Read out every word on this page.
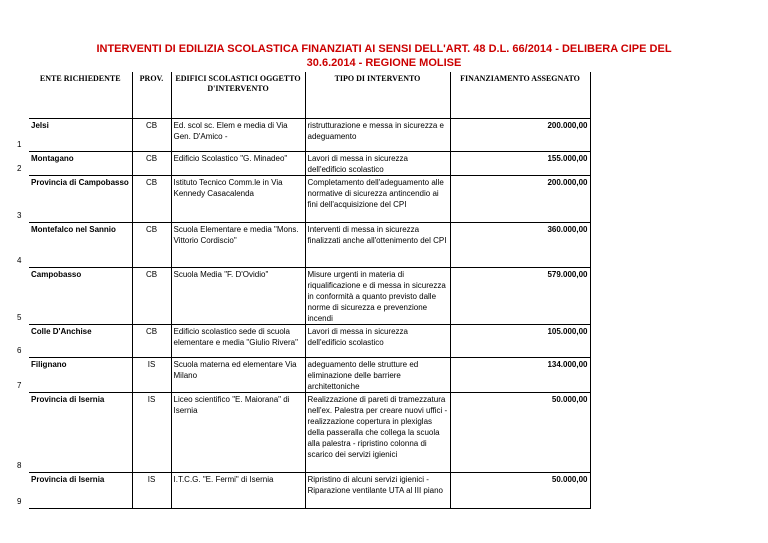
INTERVENTI DI EDILIZIA SCOLASTICA FINANZIATI AI SENSI DELL'ART. 48 D.L. 66/2014 - DELIBERA CIPE DEL
30.6.2014 - REGIONE MOLISE
	ENTE RICHIEDENTE	PROV.	EDIFICI SCOLASTICI OGGETTO D'INTERVENTO	TIPO DI INTERVENTO	FINANZIAMENTO ASSEGNATO
1	Jelsi	CB	Ed. scol sc. Elem e media di Via Gen. D'Amico -	ristrutturazione e messa in sicurezza e adeguamento	200.000,00
2	Montagano	CB	Edificio Scolastico "G. Minadeo"	Lavori di messa in sicurezza dell'edificio scolastico	155.000,00
3	Provincia di Campobasso	CB	Istituto Tecnico Comm.le in Via Kennedy Casacalenda	Completamento dell'adeguamento alle normative di sicurezza antincendio ai fini dell'acquisizione del CPI	200.000,00
4	Montefalco nel Sannio	CB	Scuola Elementare e media "Mons. Vittorio Cordiscio"	Interventi di messa in sicurezza finalizzati anche all'ottenimento del CPI	360.000,00
5	Campobasso	CB	Scuola Media "F. D'Ovidio"	Misure urgenti in materia di riqualificazione e di messa in sicurezza in conformità a quanto previsto dalle norme di sicurezza e prevenzione incendi	579.000,00
6	Colle D'Anchise	CB	Edificio scolastico sede di scuola elementare e media "Giulio Rivera"	Lavori di messa in sicurezza dell'edificio scolastico	105.000,00
7	Filignano	IS	Scuola materna ed elementare Via Milano	adeguamento delle strutture ed eliminazione delle barriere architettoniche	134.000,00
8	Provincia di Isernia	IS	Liceo scientifico "E. Maiorana" di Isernia	Realizzazione di pareti di tramezzatura nell'ex. Palestra per creare nuovi uffici - realizzazione copertura in plexiglas della passeralla che collega la scuola alla palestra - ripristino colonna di scarico dei servizi igienici	50.000,00
9	Provincia di Isernia	IS	I.T.C.G. "E. Fermi" di Isernia	Ripristino di alcuni servizi igienici - Riparazione ventilante UTA al III piano	50.000,00
